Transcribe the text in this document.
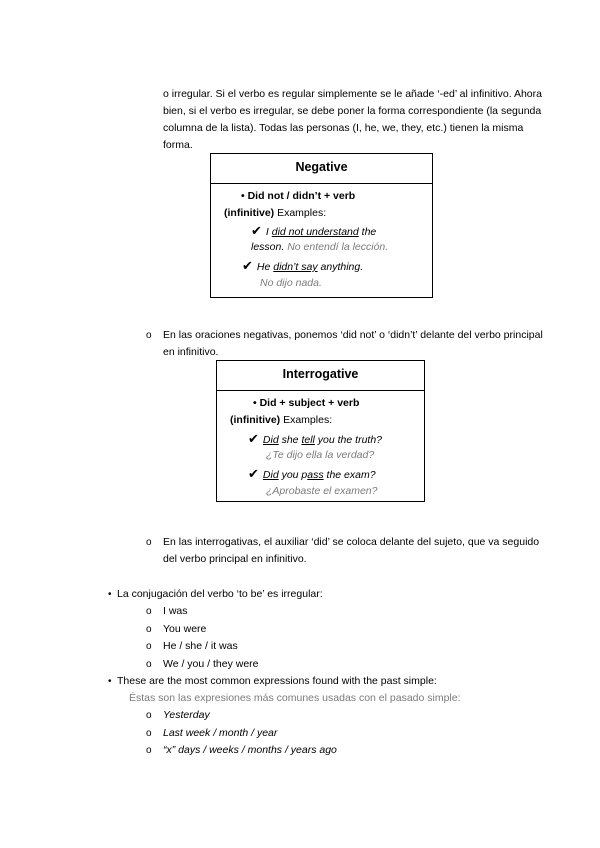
o irregular. Si el verbo es regular simplemente se le añade ‘-ed’ al infinitivo. Ahora
bien, si el verbo es irregular, se debe poner la forma correspondiente (la segunda
columna de la lista). Todas las personas (I, he, we, they, etc.) tienen la misma
forma.
Negative
• Did not / didn’t + verb
(infinitive) Examples:
✔ I did not understand the
lesson. No entendí la lección.
✔ He didn’t say anything.
No dijo nada.
o En las oraciones negativas, ponemos ‘did not’ o ‘didn’t’ delante del verbo principal
en infinitivo.
Interrogative
• Did + subject + verb
(infinitive) Examples:
✔ Did she tell you the truth?
¿Te dijo ella la verdad?
✔ Did you pass the exam?
¿Aprobaste el examen?
o En las interrogativas, el auxiliar ‘did’ se coloca delante del sujeto, que va seguido
del verbo principal en infinitivo.
• La conjugación del verbo ‘to be’ es irregular:
o I was
o You were
o He / she / it was
o We / you / they were
• These are the most common expressions found with the past simple:
Éstas son las expresiones más comunes usadas con el pasado simple:
o Yesterday
o Last week / month / year
o “x” days / weeks / months / years ago
